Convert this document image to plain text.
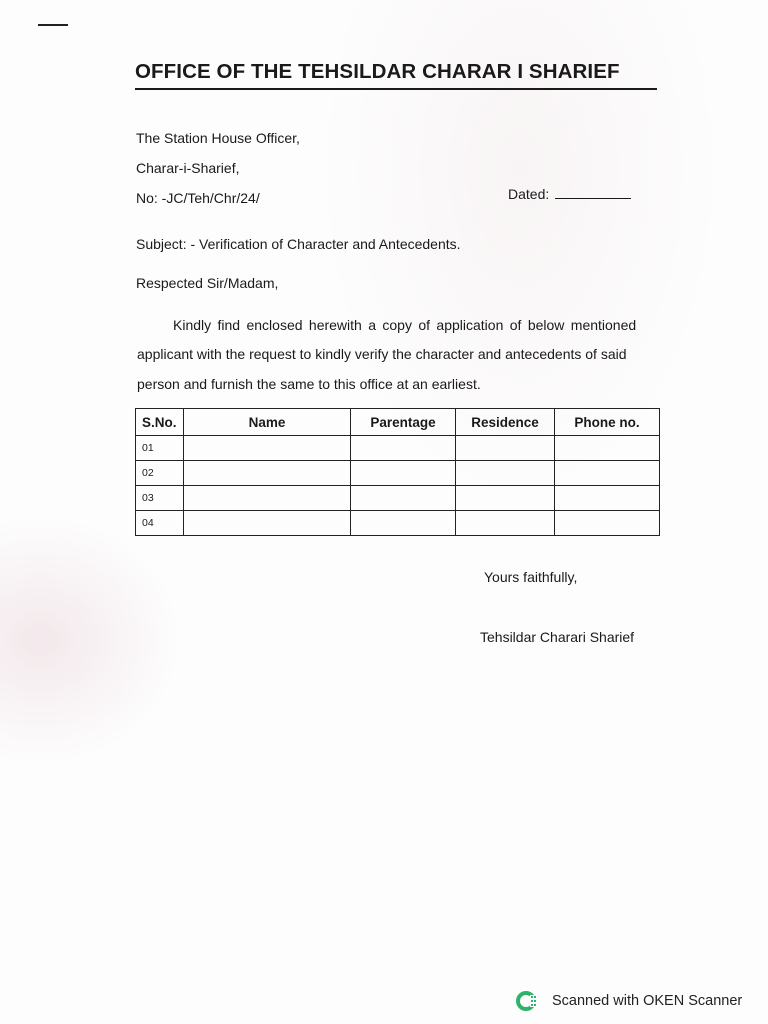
OFFICE OF THE TEHSILDAR CHARAR I SHARIEF
The Station House Officer,
Charar-i-Sharief,
No: -JC/Teh/Chr/24/	Dated:
Subject: - Verification of Character and Antecedents.
Respected Sir/Madam,
Kindly find enclosed herewith a copy of application of below mentioned
applicant with the request to kindly verify the character and antecedents of said
person and furnish the same to this office at an earliest.
S.No.	Name	Parentage	Residence	Phone no.
01				
02				
03				
04				
Yours faithfully,
Tehsildar Charari Sharief
Scanned with OKEN Scanner
